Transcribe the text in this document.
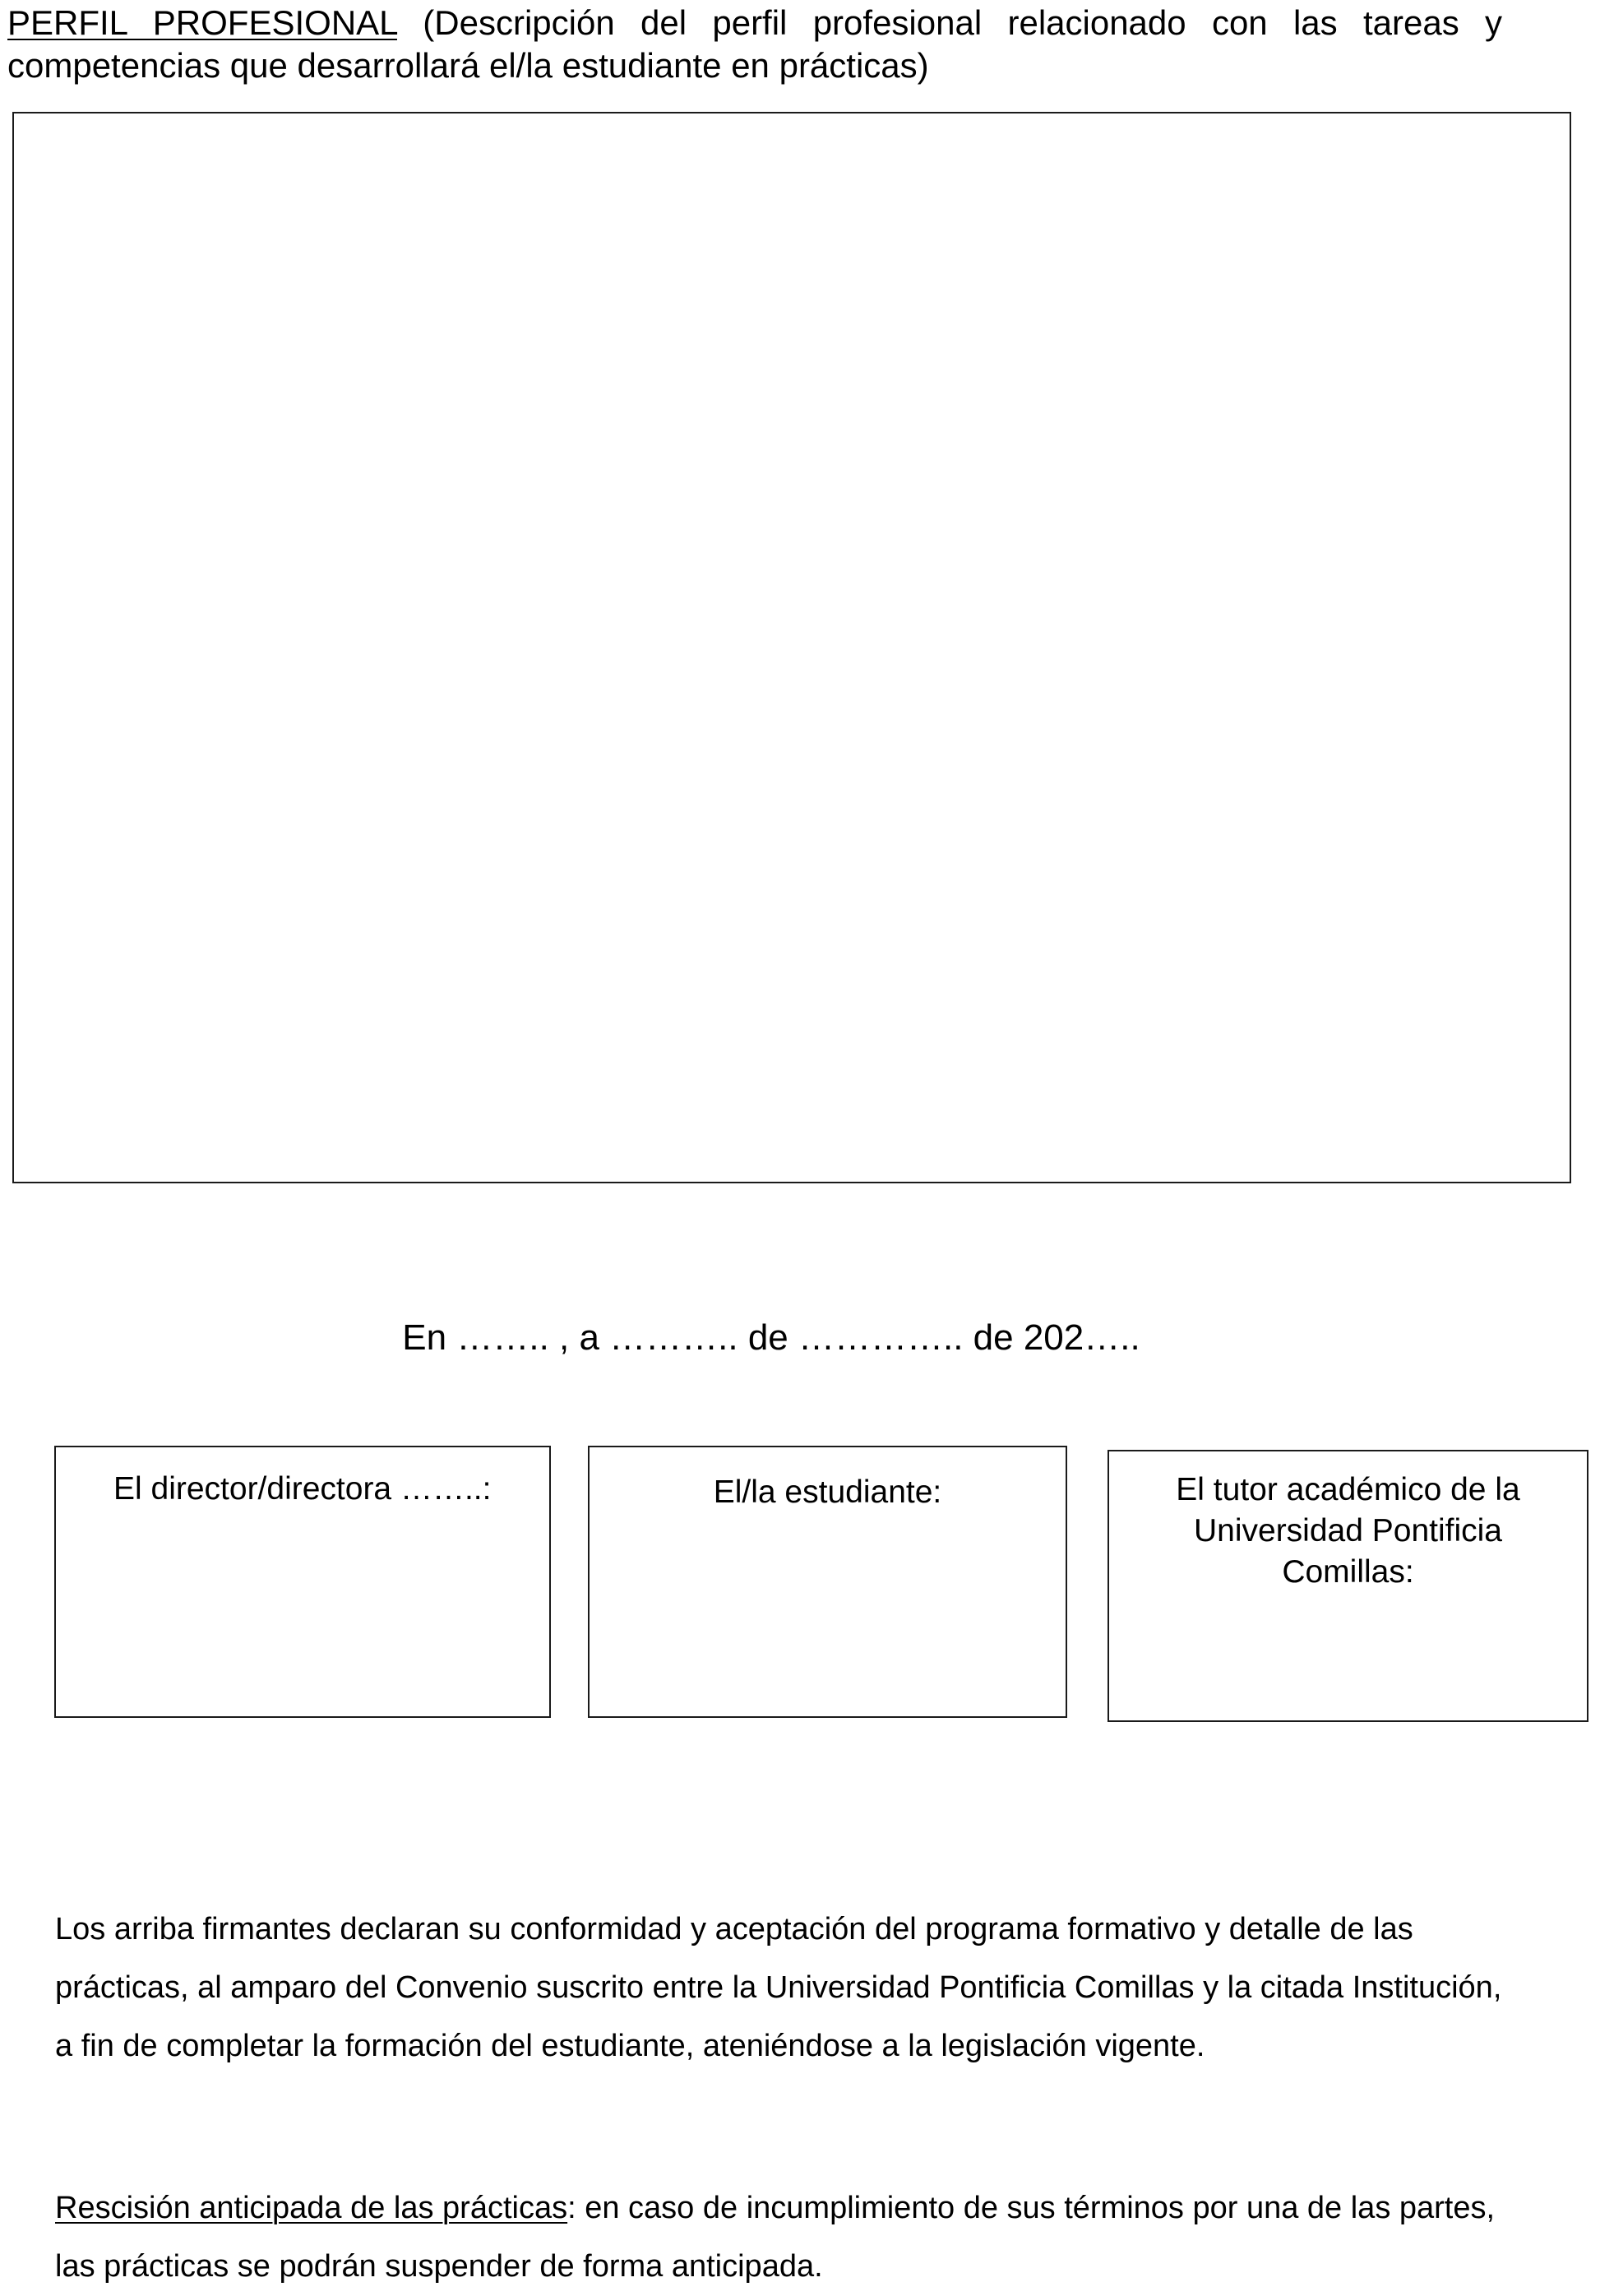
PERFIL PROFESIONAL (Descripción del perfil profesional relacionado con las tareas y competencias que desarrollará el/la estudiante en prácticas)

En …….. , a ……….. de ………….. de 202…..
El director/directora ……..:	El/la estudiante:	El tutor académico de la Universidad Pontificia Comillas:

Los arriba firmantes declaran su conformidad y aceptación del programa formativo y detalle de las prácticas, al amparo del Convenio suscrito entre la Universidad Pontificia Comillas y la citada Institución, a fin de completar la formación del estudiante, ateniéndose a la legislación vigente.

Rescisión anticipada de las prácticas: en caso de incumplimiento de sus términos por una de las partes, las prácticas se podrán suspender de forma anticipada.
